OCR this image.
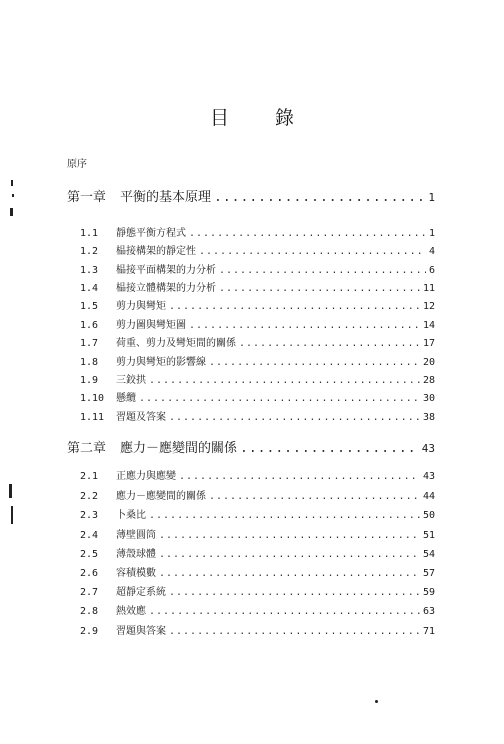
目 錄
原序
第一章 平衡的基本原理 .....	1
1.1	靜態平衡方程式 .....	1
1.2	榀接構架的靜定性 .....	4
1.3	榀接平面構架的力分析 .....	6
1.4	榀接立體構架的力分析 .....	11
1.5	剪力與彎矩 .....	12
1.6	剪力圖與彎矩圖 .....	14
1.7	荷重、剪力及彎矩間的關係 .....	17
1.8	剪力與彎矩的影響線 .....	20
1.9	三鉸拱 .....	28
1.10	懸纜 .....	30
1.11	習題及答案 .....	38
第二章 應力－應變間的關係 .....	43
2.1	正應力與應變 .....	43
2.2	應力－應變間的關係 .....	44
2.3	卜桑比 .....	50
2.4	薄壁圓筒 .....	51
2.5	薄殼球體 .....	54
2.6	容積模數 .....	57
2.7	超靜定系統 .....	59
2.8	熱效應 .....	63
2.9	習題與答案 .....	71
